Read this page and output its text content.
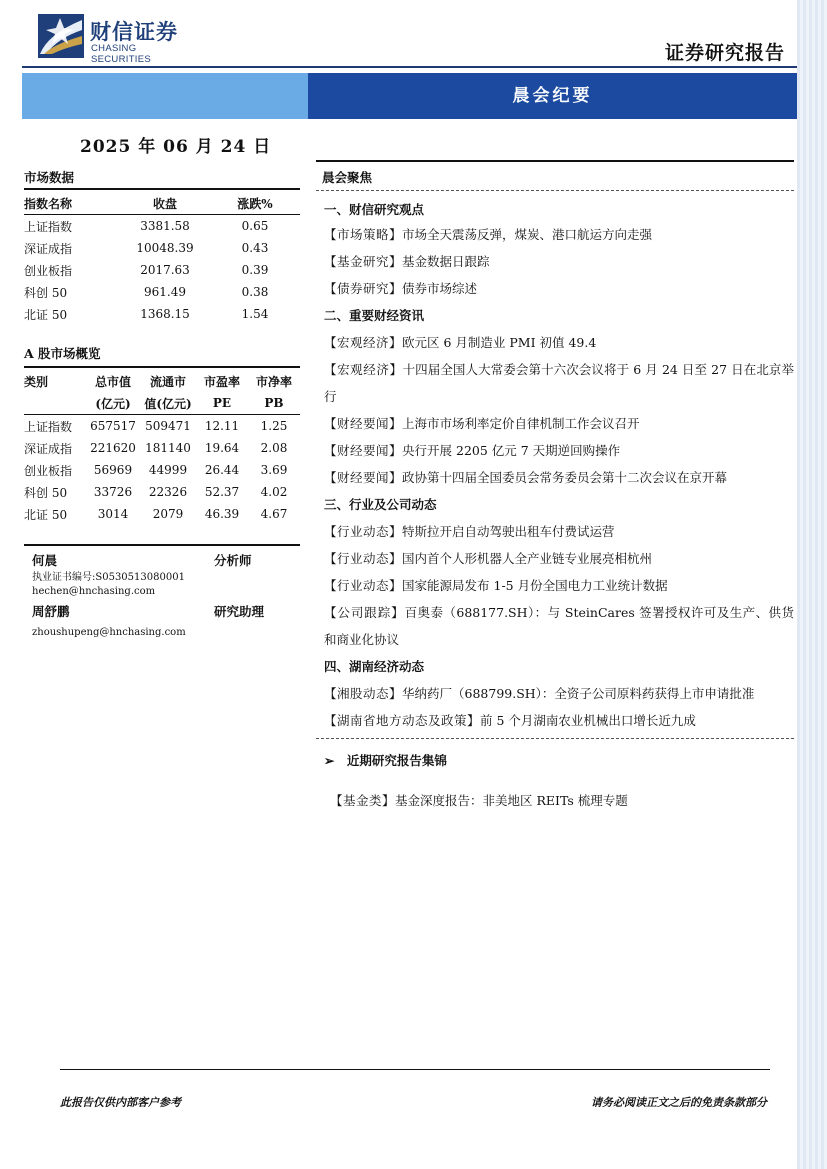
财信证券
CHASING SECURITIES	证券研究报告
晨会纪要
2025 年 06 月 24 日
市场数据
指数名称	收盘	涨跌%
上证指数	3381.58	0.65
深证成指	10048.39	0.43
创业板指	2017.63	0.39
科创 50	961.49	0.38
北证 50	1368.15	1.54
A 股市场概览
类别	总市值	流通市	市盈率	市净率
	(亿元)	值(亿元)	PE	PB
上证指数	657517	509471	12.11	1.25
深证成指	221620	181140	19.64	2.08
创业板指	56969	44999	26.44	3.69
科创 50	33726	22326	52.37	4.02
北证 50	3014	2079	46.39	4.67
何晨	分析师
执业证书编号:S0530513080001
hechen@hnchasing.com
周舒鹏	研究助理
zhoushupeng@hnchasing.com
晨会聚焦
一、财信研究观点
【市场策略】市场全天震荡反弹，煤炭、港口航运方向走强
【基金研究】基金数据日跟踪
【债券研究】债券市场综述
二、重要财经资讯
【宏观经济】欧元区 6 月制造业 PMI 初值 49.4
【宏观经济】十四届全国人大常委会第十六次会议将于 6 月 24 日至 27 日在北京举行
【财经要闻】上海市市场利率定价自律机制工作会议召开
【财经要闻】央行开展 2205 亿元 7 天期逆回购操作
【财经要闻】政协第十四届全国委员会常务委员会第十二次会议在京开幕
三、行业及公司动态
【行业动态】特斯拉开启自动驾驶出租车付费试运营
【行业动态】国内首个人形机器人全产业链专业展亮相杭州
【行业动态】国家能源局发布 1-5 月份全国电力工业统计数据
【公司跟踪】百奥泰（688177.SH）：与 SteinCares 签署授权许可及生产、供货和商业化协议
四、湖南经济动态
【湘股动态】华纳药厂（688799.SH）：全资子公司原料药获得上市申请批准
【湖南省地方动态及政策】前 5 个月湖南农业机械出口增长近九成
➢ 近期研究报告集锦
【基金类】基金深度报告：非美地区 REITs 梳理专题
此报告仅供内部客户参考	请务必阅读正文之后的免责条款部分
